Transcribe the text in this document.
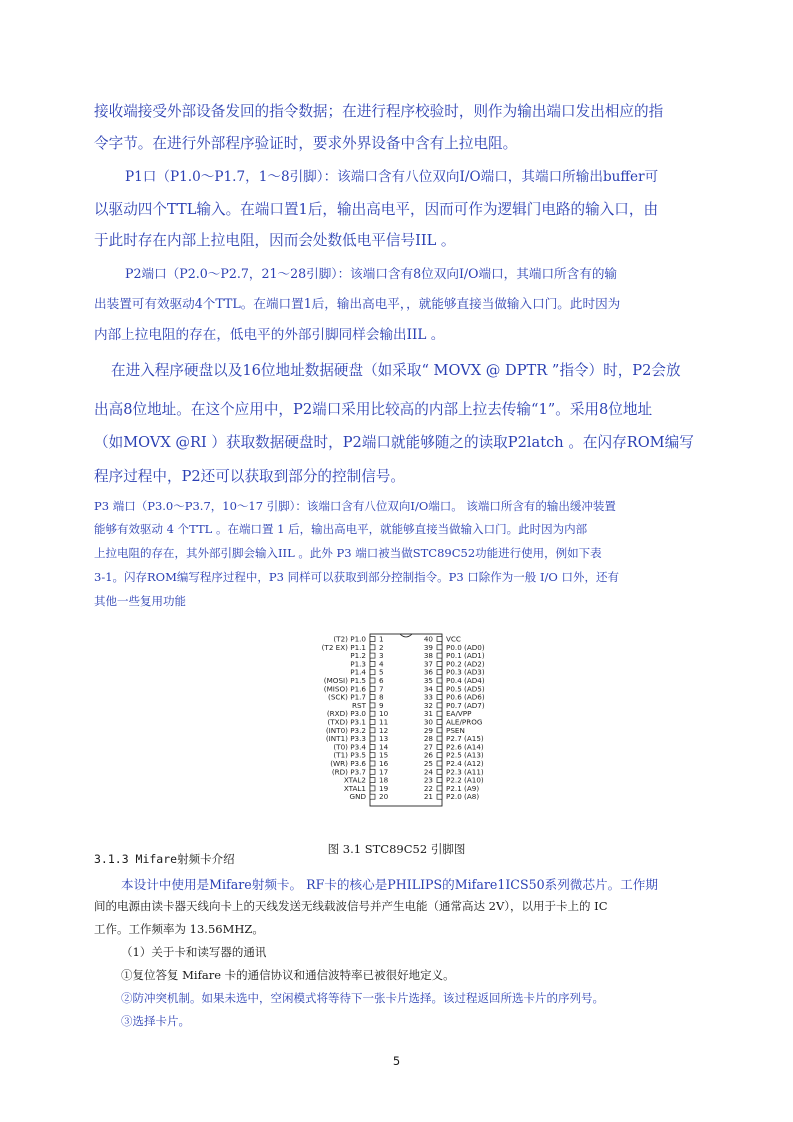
接收端接受外部设备发回的指令数据；在进行程序校验时，则作为输出端口发出相应的指

令字节。在进行外部程序验证时，要求外界设备中含有上拉电阻。

P1口（P1.0～P1.7，1～8引脚）：该端口含有八位双向I/O端口，其端口所输出buffer可

以驱动四个TTL输入。在端口置1后，输出高电平，因而可作为逻辑门电路的输入口，由

于此时存在内部上拉电阻，因而会处数低电平信号IIL 。

P2端口（P2.0～P2.7，21～28引脚）：该端口含有8位双向I/O端口，其端口所含有的输

出装置可有效驱动4个TTL。在端口置1后，输出高电平，，就能够直接当做输入口门。此时因为

内部上拉电阻的存在，低电平的外部引脚同样会输出IIL 。

在进入程序硬盘以及16位地址数据硬盘（如采取“ MOVX @ DPTR ”指令）时，P2会放

出高8位地址。在这个应用中，P2端口采用比较高的内部上拉去传输“1”。采用8位地址

（如MOVX @RI ）获取数据硬盘时，P2端口就能够随之的读取P2latch 。在闪存ROM编写

程序过程中，P2还可以获取到部分的控制信号。

P3 端口（P3.0～P3.7，10～17 引脚）：该端口含有八位双向I/O端口。 该端口所含有的输出缓冲装置

能够有效驱动 4 个TTL 。在端口置 1 后，输出高电平，就能够直接当做输入口门。此时因为内部

上拉电阻的存在，其外部引脚会输入IIL 。此外 P3 端口被当做STC89C52功能进行使用，例如下表

3-1。闪存ROM编写程序过程中，P3 同样可以获取到部分控制指令。P3 口除作为一般 I/O 口外，还有

其他一些复用功能

(T2) P1.0 1
(T2 EX) P1.1 2
P1.2 3
P1.3 4
P1.4 5
(MOSI) P1.5 6
(MISO) P1.6 7
(SCK) P1.7 8
RST 9
(RXD) P3.0 10
(TXD) P3.1 11
(INT0) P3.2 12
(INT1) P3.3 13
(T0) P3.4 14
(T1) P3.5 15
(WR) P3.6 16
(RD) P3.7 17
XTAL2 18
XTAL1 19
GND 20
40 VCC
39 P0.0 (AD0)
38 P0.1 (AD1)
37 P0.2 (AD2)
36 P0.3 (AD3)
35 P0.4 (AD4)
34 P0.5 (AD5)
33 P0.6 (AD6)
32 P0.7 (AD7)
31 EA/VPP
30 ALE/PROG
29 PSEN
28 P2.7 (A15)
27 P2.6 (A14)
26 P2.5 (A13)
25 P2.4 (A12)
24 P2.3 (A11)
23 P2.2 (A10)
22 P2.1 (A9)
21 P2.0 (A8)

图 3.1 STC89C52 引脚图

3.1.3 Mifare射频卡介绍

本设计中使用是Mifare射频卡。 RF卡的核心是PHILIPS的Mifare1ICS50系列微芯片。工作期

间的电源由读卡器天线向卡上的天线发送无线载波信号并产生电能（通常高达 2V），以用于卡上的 IC

工作。工作频率为 13.56MHZ。

（1）关于卡和读写器的通讯

①复位答复 Mifare 卡的通信协议和通信波特率已被很好地定义。

②防冲突机制。如果未选中，空闲模式将等待下一张卡片选择。该过程返回所选卡片的序列号。

③选择卡片。

5
